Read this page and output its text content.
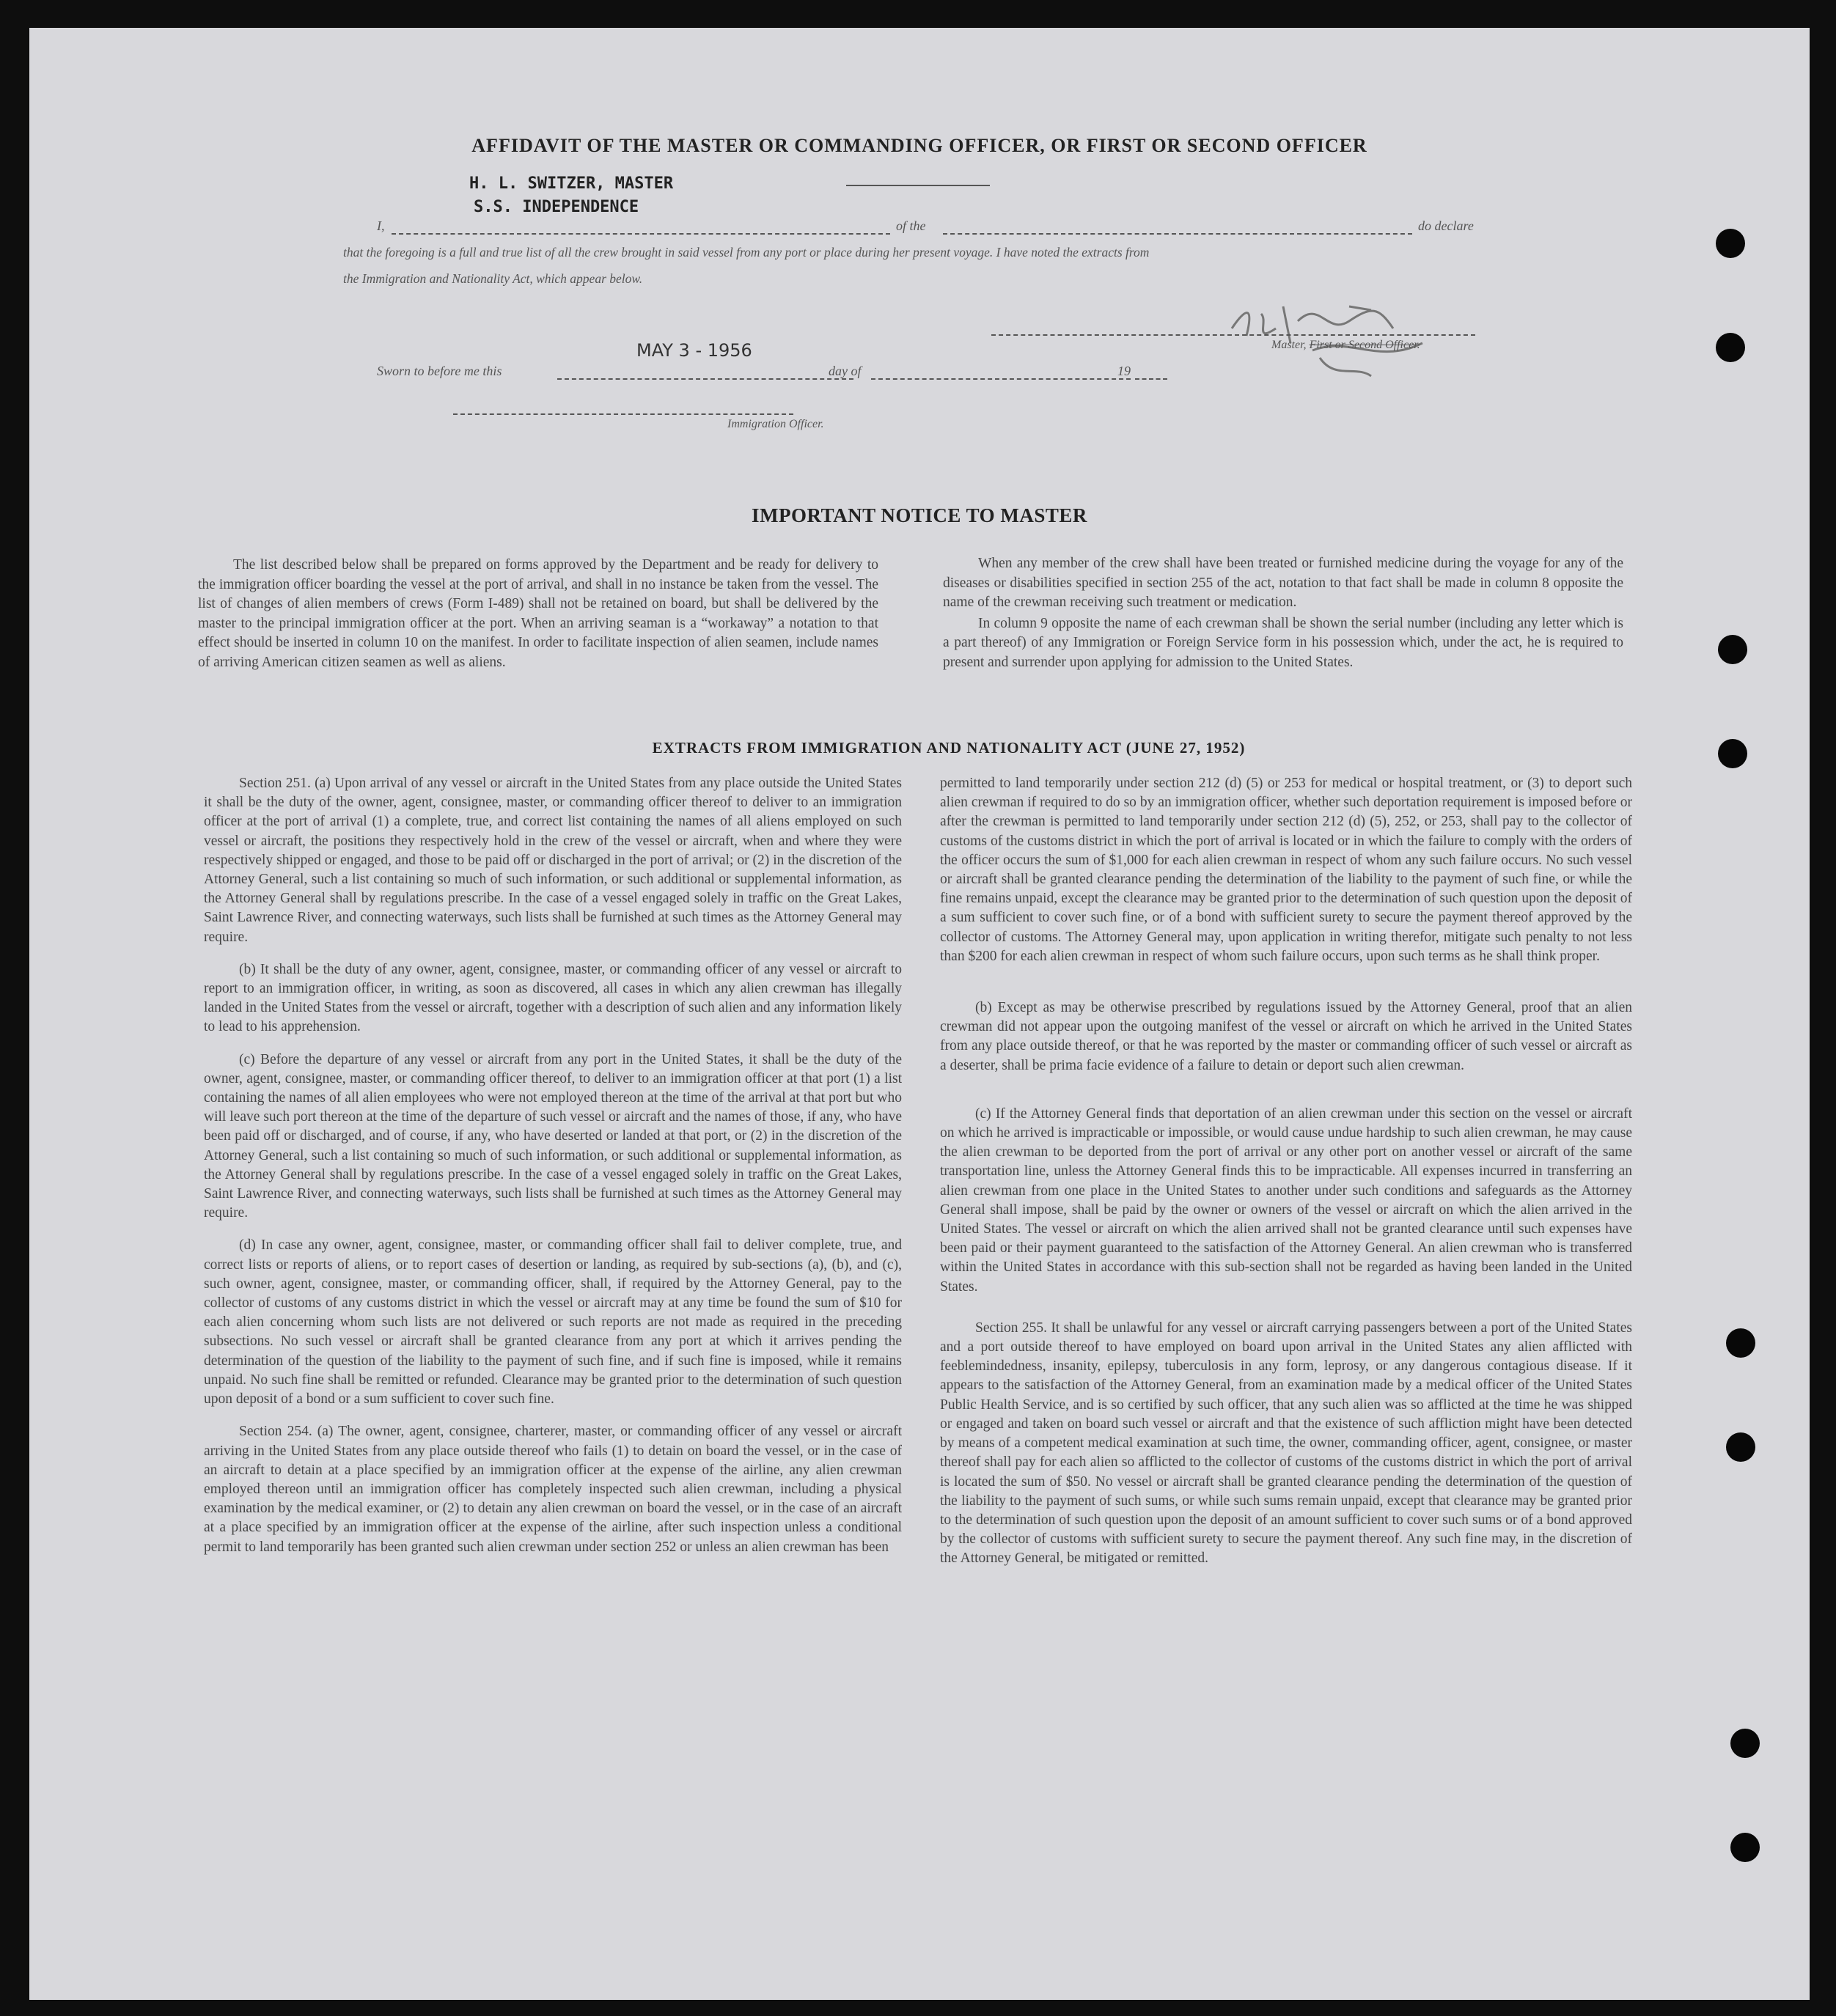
AFFIDAVIT OF THE MASTER OR COMMANDING OFFICER, OR FIRST OR SECOND OFFICER
H. L. SWITZER, MASTER
S.S. INDEPENDENCE
I,	of the	do declare
that the foregoing is a full and true list of all the crew brought in said vessel from any port or place during her present voyage. I have noted the extracts from
the Immigration and Nationality Act, which appear below.
Master, First or Second Officer.
MAY 3 - 1956
Sworn to before me this	day of	19
Immigration Officer.
IMPORTANT NOTICE TO MASTER

The list described below shall be prepared on forms approved by the Department and be ready for delivery to the immigration officer boarding the vessel at the port of arrival, and shall in no instance be taken from the vessel. The list of changes of alien members of crews (Form I-489) shall not be retained on board, but shall be delivered by the master to the principal immigration officer at the port. When an arriving seaman is a “workaway” a notation to that effect should be inserted in column 10 on the manifest. In order to facilitate inspection of alien seamen, include names of arriving American citizen seamen as well as aliens.

When any member of the crew shall have been treated or furnished medicine during the voyage for any of the diseases or disabilities specified in section 255 of the act, notation to that fact shall be made in column 8 opposite the name of the crewman receiving such treatment or medication.

In column 9 opposite the name of each crewman shall be shown the serial number (including any letter which is a part thereof) of any Immigration or Foreign Service form in his possession which, under the act, he is required to present and surrender upon applying for admission to the United States.

EXTRACTS FROM IMMIGRATION AND NATIONALITY ACT (JUNE 27, 1952)

Section 251. (a) Upon arrival of any vessel or aircraft in the United States from any place outside the United States it shall be the duty of the owner, agent, consignee, master, or commanding officer thereof to deliver to an immigration officer at the port of arrival (1) a complete, true, and correct list containing the names of all aliens employed on such vessel or aircraft, the positions they respectively hold in the crew of the vessel or aircraft, when and where they were respectively shipped or engaged, and those to be paid off or discharged in the port of arrival; or (2) in the discretion of the Attorney General, such a list containing so much of such information, or such additional or supplemental information, as the Attorney General shall by regulations prescribe. In the case of a vessel engaged solely in traffic on the Great Lakes, Saint Lawrence River, and connecting waterways, such lists shall be furnished at such times as the Attorney General may require.

(b) It shall be the duty of any owner, agent, consignee, master, or commanding officer of any vessel or aircraft to report to an immigration officer, in writing, as soon as discovered, all cases in which any alien crewman has illegally landed in the United States from the vessel or aircraft, together with a description of such alien and any information likely to lead to his apprehension.

(c) Before the departure of any vessel or aircraft from any port in the United States, it shall be the duty of the owner, agent, consignee, master, or commanding officer thereof, to deliver to an immigration officer at that port (1) a list containing the names of all alien employees who were not employed thereon at the time of the arrival at that port but who will leave such port thereon at the time of the departure of such vessel or aircraft and the names of those, if any, who have been paid off or discharged, and of course, if any, who have deserted or landed at that port, or (2) in the discretion of the Attorney General, such a list containing so much of such information, or such additional or supplemental information, as the Attorney General shall by regulations prescribe. In the case of a vessel engaged solely in traffic on the Great Lakes, Saint Lawrence River, and connecting waterways, such lists shall be furnished at such times as the Attorney General may require.

(d) In case any owner, agent, consignee, master, or commanding officer shall fail to deliver complete, true, and correct lists or reports of aliens, or to report cases of desertion or landing, as required by sub-sections (a), (b), and (c), such owner, agent, consignee, master, or commanding officer, shall, if required by the Attorney General, pay to the collector of customs of any customs district in which the vessel or aircraft may at any time be found the sum of $10 for each alien concerning whom such lists are not delivered or such reports are not made as required in the preceding subsections. No such vessel or aircraft shall be granted clearance from any port at which it arrives pending the determination of the question of the liability to the payment of such fine, and if such fine is imposed, while it remains unpaid. No such fine shall be remitted or refunded. Clearance may be granted prior to the determination of such question upon deposit of a bond or a sum sufficient to cover such fine.

Section 254. (a) The owner, agent, consignee, charterer, master, or commanding officer of any vessel or aircraft arriving in the United States from any place outside thereof who fails (1) to detain on board the vessel, or in the case of an aircraft to detain at a place specified by an immigration officer at the expense of the airline, any alien crewman employed thereon until an immigration officer has completely inspected such alien crewman, including a physical examination by the medical examiner, or (2) to detain any alien crewman on board the vessel, or in the case of an aircraft at a place specified by an immigration officer at the expense of the airline, after such inspection unless a conditional permit to land temporarily has been granted such alien crewman under section 252 or unless an alien crewman has been

permitted to land temporarily under section 212 (d) (5) or 253 for medical or hospital treatment, or (3) to deport such alien crewman if required to do so by an immigration officer, whether such deportation requirement is imposed before or after the crewman is permitted to land temporarily under section 212 (d) (5), 252, or 253, shall pay to the collector of customs of the customs district in which the port of arrival is located or in which the failure to comply with the orders of the officer occurs the sum of $1,000 for each alien crewman in respect of whom any such failure occurs. No such vessel or aircraft shall be granted clearance pending the determination of the liability to the payment of such fine, or while the fine remains unpaid, except the clearance may be granted prior to the determination of such question upon the deposit of a sum sufficient to cover such fine, or of a bond with sufficient surety to secure the payment thereof approved by the collector of customs. The Attorney General may, upon application in writing therefor, mitigate such penalty to not less than $200 for each alien crewman in respect of whom such failure occurs, upon such terms as he shall think proper.

(b) Except as may be otherwise prescribed by regulations issued by the Attorney General, proof that an alien crewman did not appear upon the outgoing manifest of the vessel or aircraft on which he arrived in the United States from any place outside thereof, or that he was reported by the master or commanding officer of such vessel or aircraft as a deserter, shall be prima facie evidence of a failure to detain or deport such alien crewman.

(c) If the Attorney General finds that deportation of an alien crewman under this section on the vessel or aircraft on which he arrived is impracticable or impossible, or would cause undue hardship to such alien crewman, he may cause the alien crewman to be deported from the port of arrival or any other port on another vessel or aircraft of the same transportation line, unless the Attorney General finds this to be impracticable. All expenses incurred in transferring an alien crewman from one place in the United States to another under such conditions and safeguards as the Attorney General shall impose, shall be paid by the owner or owners of the vessel or aircraft on which the alien arrived in the United States. The vessel or aircraft on which the alien arrived shall not be granted clearance until such expenses have been paid or their payment guaranteed to the satisfaction of the Attorney General. An alien crewman who is transferred within the United States in accordance with this sub-section shall not be regarded as having been landed in the United States.

Section 255. It shall be unlawful for any vessel or aircraft carrying passengers between a port of the United States and a port outside thereof to have employed on board upon arrival in the United States any alien afflicted with feeblemindedness, insanity, epilepsy, tuberculosis in any form, leprosy, or any dangerous contagious disease. If it appears to the satisfaction of the Attorney General, from an examination made by a medical officer of the United States Public Health Service, and is so certified by such officer, that any such alien was so afflicted at the time he was shipped or engaged and taken on board such vessel or aircraft and that the existence of such affliction might have been detected by means of a competent medical examination at such time, the owner, commanding officer, agent, consignee, or master thereof shall pay for each alien so afflicted to the collector of customs of the customs district in which the port of arrival is located the sum of $50. No vessel or aircraft shall be granted clearance pending the determination of the question of the liability to the payment of such sums, or while such sums remain unpaid, except that clearance may be granted prior to the determination of such question upon the deposit of an amount sufficient to cover such sums or of a bond approved by the collector of customs with sufficient surety to secure the payment thereof. Any such fine may, in the discretion of the Attorney General, be mitigated or remitted.
